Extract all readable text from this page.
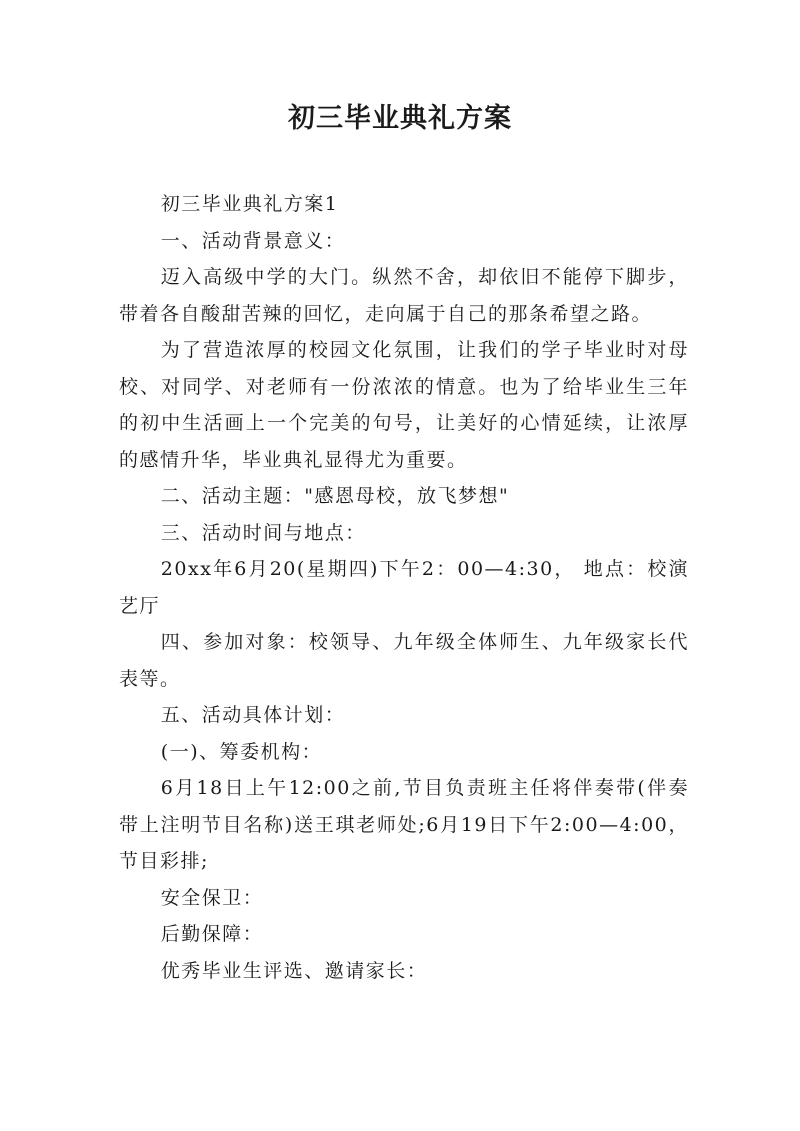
初三毕业典礼方案

初三毕业典礼方案1

一、活动背景意义：

迈入高级中学的大门。纵然不舍，却依旧不能停下脚步，带着各自酸甜苦辣的回忆，走向属于自己的那条希望之路。

为了营造浓厚的校园文化氛围，让我们的学子毕业时对母校、对同学、对老师有一份浓浓的情意。也为了给毕业生三年的初中生活画上一个完美的句号，让美好的心情延续，让浓厚的感情升华，毕业典礼显得尤为重要。

二、活动主题："感恩母校，放飞梦想"

三、活动时间与地点：

20xx年6月20(星期四)下午2：00—4:30， 地点：校演艺厅

四、参加对象：校领导、九年级全体师生、九年级家长代表等。

五、活动具体计划：

(一)、筹委机构：

6月18日上午12:00之前,节目负责班主任将伴奏带(伴奏带上注明节目名称)送王琪老师处;6月19日下午2:00—4:00，节目彩排;

安全保卫：

后勤保障：

优秀毕业生评选、邀请家长：
